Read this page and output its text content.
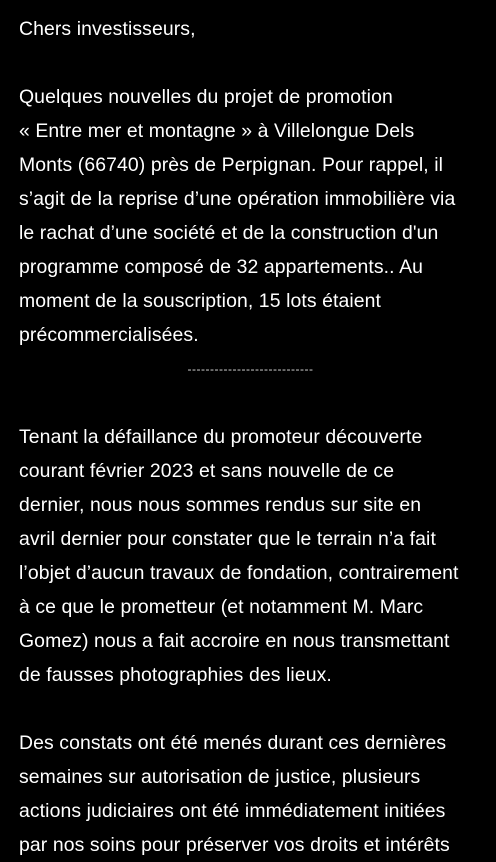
Chers investisseurs,

Quelques nouvelles du projet de promotion
« Entre mer et montagne » à Villelongue Dels
Monts (66740) près de Perpignan. Pour rappel, il
s’agit de la reprise d’une opération immobilière via
le rachat d’une société et de la construction d'un
programme composé de 32 appartements.. Au
moment de la souscription, 15 lots étaient
précommercialisées.

----------------------------

Tenant la défaillance du promoteur découverte
courant février 2023 et sans nouvelle de ce
dernier, nous nous sommes rendus sur site en
avril dernier pour constater que le terrain n’a fait
l’objet d’aucun travaux de fondation, contrairement
à ce que le prometteur (et notamment M. Marc
Gomez) nous a fait accroire en nous transmettant
de fausses photographies des lieux.

Des constats ont été menés durant ces dernières
semaines sur autorisation de justice, plusieurs
actions judiciaires ont été immédiatement initiées
par nos soins pour préserver vos droits et intérêts
